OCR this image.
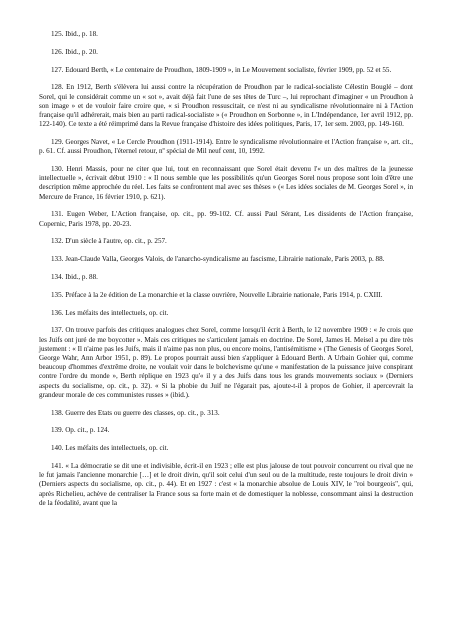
125. Ibid., p. 18.

126. Ibid., p. 20.

127. Edouard Berth, « Le centenaire de Proudhon, 1809-1909 », in Le Mouvement socialiste, février 1909, pp. 52 et 55.

128. En 1912, Berth s'élèvera lui aussi contre la récupération de Proudhon par le radical-socialiste Célestin Bouglé – dont Sorel, qui le considérait comme un « sot », avait déjà fait l'une de ses têtes de Turc –, lui reprochant d'imaginer « un Proudhon à son image » et de vouloir faire croire que, « si Proudhon ressuscitait, ce n'est ni au syndicalisme révolutionnaire ni à l'Action française qu'il adhérerait, mais bien au parti radical-socialiste » (« Proudhon en Sorbonne », in L'Indépendance, 1er avril 1912, pp. 122-140). Ce texte a été réimprimé dans la Revue française d'histoire des idées politiques, Paris, 17, 1er sem. 2003, pp. 149-160.

129. Georges Navet, « Le Cercle Proudhon (1911-1914). Entre le syndicalisme révolutionnaire et l'Action française », art. cit., p. 61. Cf. aussi Proudhon, l'éternel retour, nº spécial de Mil neuf cent, 10, 1992.

130. Henri Massis, pour ne citer que lui, tout en reconnaissant que Sorel était devenu l'« un des maîtres de la jeunesse intellectuelle », écrivait début 1910 : « Il nous semble que les possibilités qu'un Georges Sorel nous propose sont loin d'être une description même approchée du réel. Les faits se confrontent mal avec ses thèses » (« Les idées sociales de M. Georges Sorel », in Mercure de France, 16 février 1910, p. 621).

131. Eugen Weber, L'Action française, op. cit., pp. 99-102. Cf. aussi Paul Sérant, Les dissidents de l'Action française, Copernic, Paris 1978, pp. 20-23.

132. D'un siècle à l'autre, op. cit., p. 257.

133. Jean-Claude Valla, Georges Valois, de l'anarcho-syndicalisme au fascisme, Librairie nationale, Paris 2003, p. 88.

134. Ibid., p. 88.

135. Préface à la 2e édition de La monarchie et la classe ouvrière, Nouvelle Librairie nationale, Paris 1914, p. CXIII.

136. Les méfaits des intellectuels, op. cit.

137. On trouve parfois des critiques analogues chez Sorel, comme lorsqu'il écrit à Berth, le 12 novembre 1909 : « Je crois que les Juifs ont juré de me boycotter ». Mais ces critiques ne s'articulent jamais en doctrine. De Sorel, James H. Meisel a pu dire très justement : « Il n'aime pas les Juifs, mais il n'aime pas non plus, ou encore moins, l'antisémitisme » (The Genesis of Georges Sorel, George Wahr, Ann Arbor 1951, p. 89). Le propos pourrait aussi bien s'appliquer à Edouard Berth. A Urbain Gohier qui, comme beaucoup d'hommes d'extrême droite, ne voulait voir dans le bolchevisme qu'une « manifestation de la puissance juive conspirant contre l'ordre du monde », Berth réplique en 1923 qu'« il y a des Juifs dans tous les grands mouvements sociaux » (Derniers aspects du socialisme, op. cit., p. 32). « Si la phobie du Juif ne l'égarait pas, ajoute-t-il à propos de Gohier, il apercevrait la grandeur morale de ces communistes russes » (ibid.).

138. Guerre des Etats ou guerre des classes, op. cit., p. 313.

139. Op. cit., p. 124.

140. Les méfaits des intellectuels, op. cit.

141. « La démocratie se dit une et indivisible, écrit-il en 1923 ; elle est plus jalouse de tout pouvoir concurrent ou rival que ne le fut jamais l'ancienne monarchie […] et le droit divin, qu'il soit celui d'un seul ou de la multitude, reste toujours le droit divin » (Derniers aspects du socialisme, op. cit., p. 44). Et en 1927 : c'est « la monarchie absolue de Louis XIV, le "roi bourgeois", qui, après Richelieu, achève de centraliser la France sous sa forte main et de domestiquer la noblesse, consommant ainsi la destruction de la féodalité, avant que la
